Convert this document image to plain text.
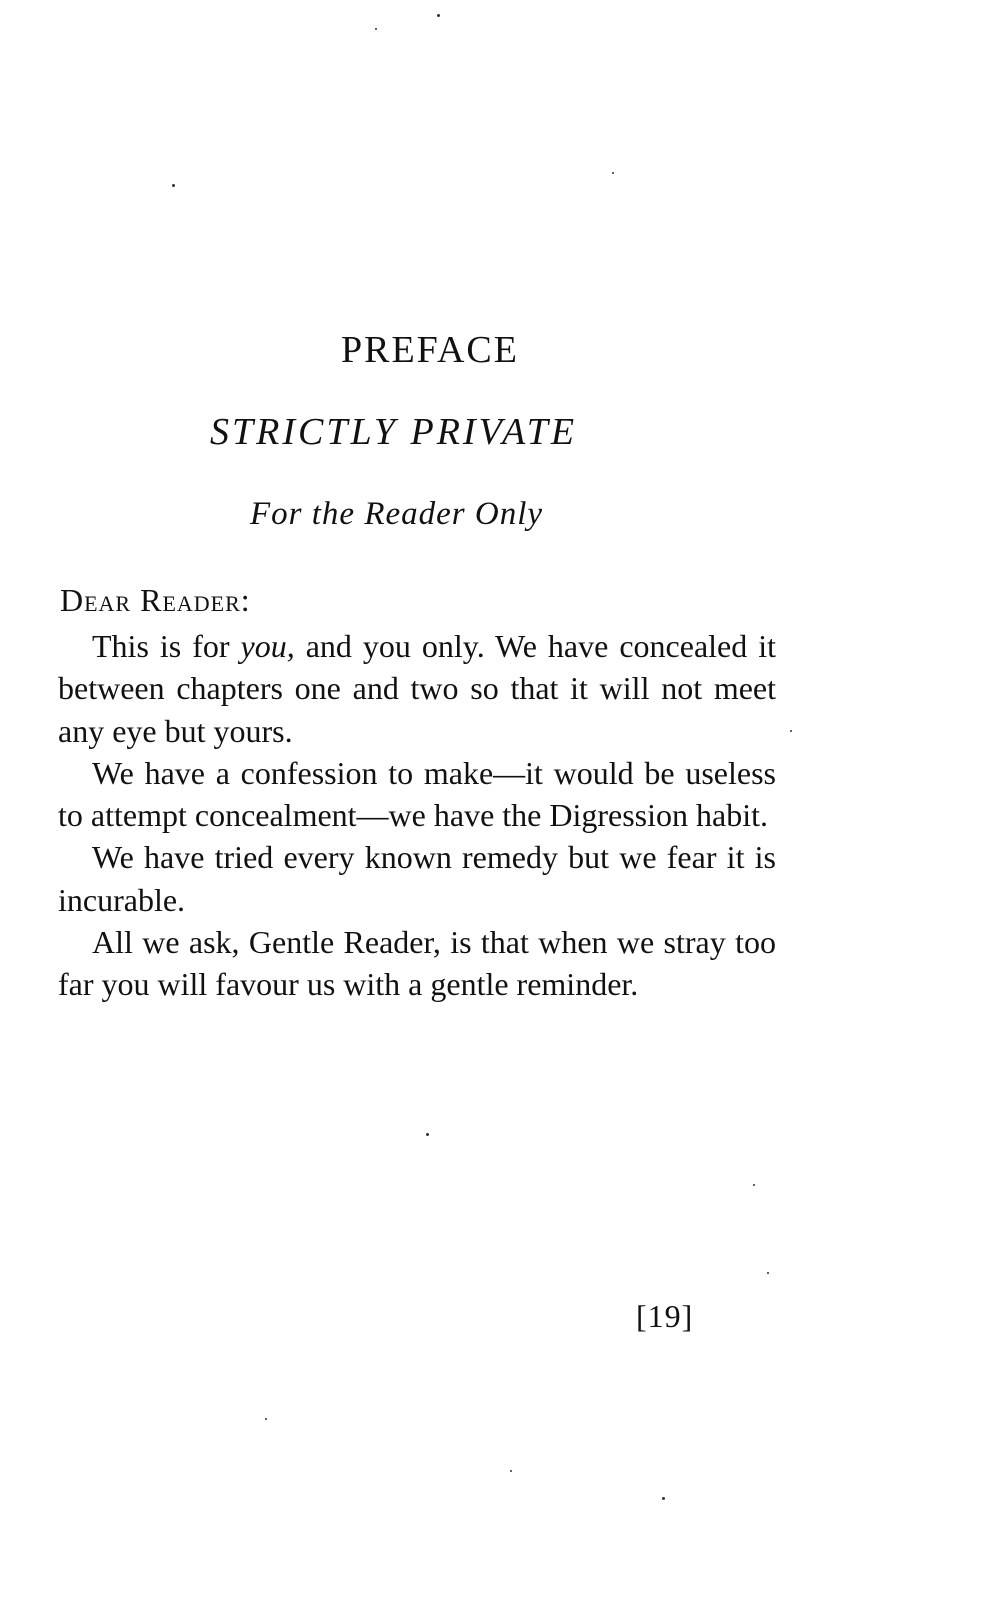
PREFACE
STRICTLY PRIVATE
For the Reader Only
Dear Reader:

This is for you, and you only. We have concealed it between chapters one and two so that it will not meet any eye but yours.

We have a confession to make—it would be useless to attempt concealment—we have the Digression habit.

We have tried every known remedy but we fear it is incurable.

All we ask, Gentle Reader, is that when we stray too far you will favour us with a gentle reminder.

[19]
